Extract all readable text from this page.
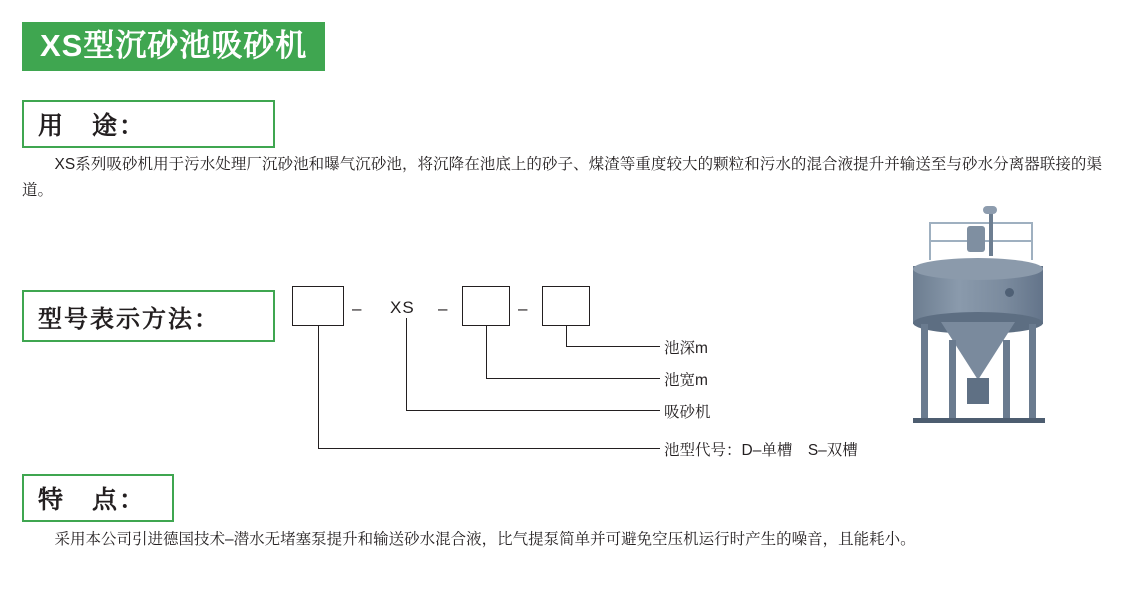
XS型沉砂池吸砂机
用　途：
XS系列吸砂机用于污水处理厂沉砂池和曝气沉砂池，将沉降在池底上的砂子、煤渣等重度较大的颗粒和污水的混合液提升并输送至与砂水分离器联接的渠道。
型号表示方法：	– XS –	–
池深m
池宽m
吸砂机
池型代号：D–单槽　S–双槽
特　点：
采用本公司引进德国技术–潜水无堵塞泵提升和输送砂水混合液，比气提泵简单并可避免空压机运行时产生的噪音，且能耗小。
